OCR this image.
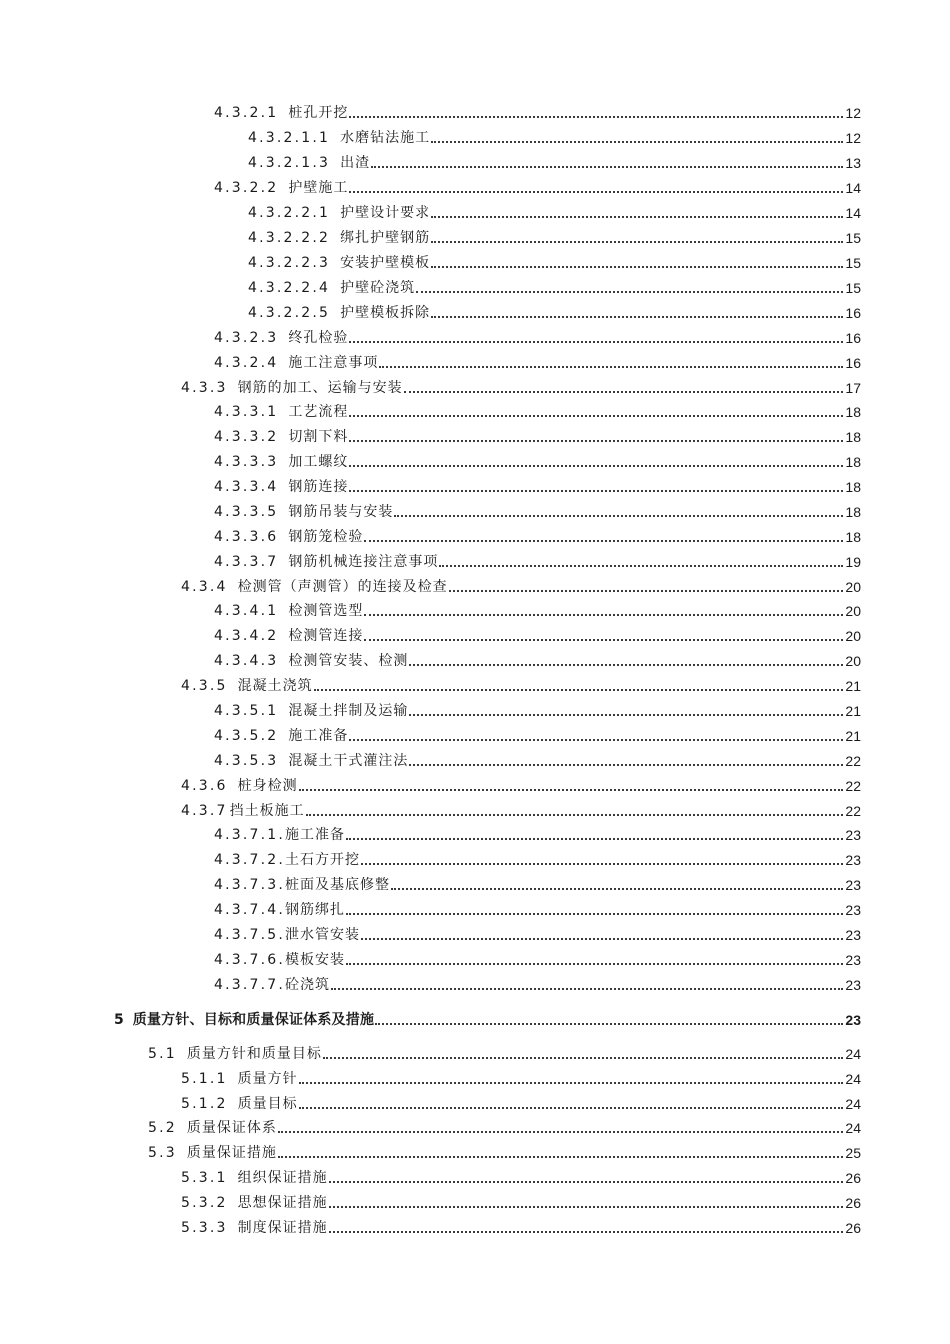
4.3.2.1 桩孔开挖	12
4.3.2.1.1 水磨钻法施工	12
4.3.2.1.3 出渣	13
4.3.2.2 护壁施工	14
4.3.2.2.1 护壁设计要求	14
4.3.2.2.2 绑扎护壁钢筋	15
4.3.2.2.3 安装护壁模板	15
4.3.2.2.4 护壁砼浇筑	15
4.3.2.2.5 护壁模板拆除	16
4.3.2.3 终孔检验	16
4.3.2.4 施工注意事项	16
4.3.3 钢筋的加工、运输与安装	17
4.3.3.1 工艺流程	18
4.3.3.2 切割下料	18
4.3.3.3 加工螺纹	18
4.3.3.4 钢筋连接	18
4.3.3.5 钢筋吊装与安装	18
4.3.3.6 钢筋笼检验	18
4.3.3.7 钢筋机械连接注意事项	19
4.3.4 检测管（声测管）的连接及检查	20
4.3.4.1 检测管选型	20
4.3.4.2 检测管连接	20
4.3.4.3 检测管安装、检测	20
4.3.5 混凝土浇筑	21
4.3.5.1 混凝土拌制及运输	21
4.3.5.2 施工准备	21
4.3.5.3 混凝土干式灌注法	22
4.3.6 桩身检测	22
4.3.7 挡土板施工	22
4.3.7.1. 施工准备	23
4.3.7.2. 土石方开挖	23
4.3.7.3. 桩面及基底修整	23
4.3.7.4. 钢筋绑扎	23
4.3.7.5. 泄水管安装	23
4.3.7.6. 模板安装	23
4.3.7.7. 砼浇筑	23
5 质量方针、目标和质量保证体系及措施	23
5.1 质量方针和质量目标	24
5.1.1 质量方针	24
5.1.2 质量目标	24
5.2 质量保证体系	24
5.3 质量保证措施	25
5.3.1 组织保证措施	26
5.3.2 思想保证措施	26
5.3.3 制度保证措施	26
